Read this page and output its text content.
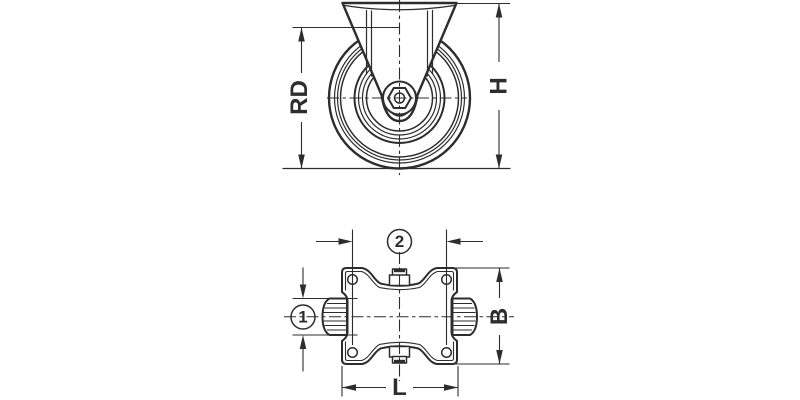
RD	H
2
1	B
L
